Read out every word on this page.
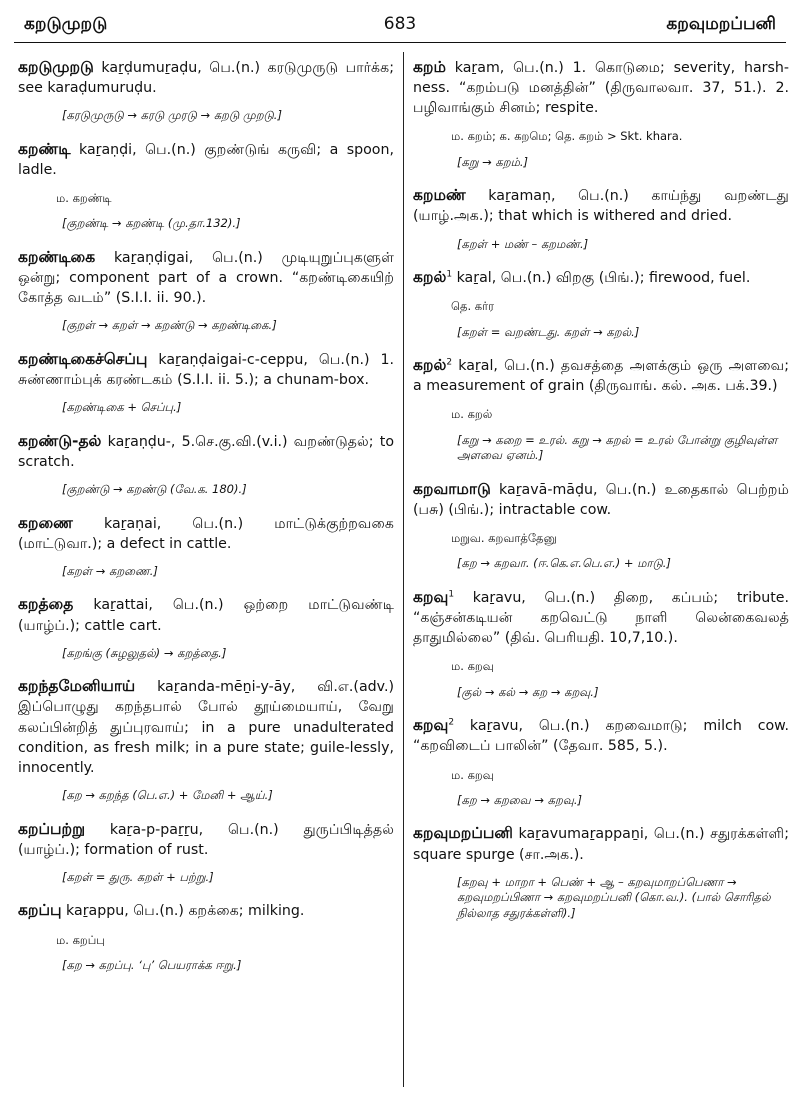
கறடுமுறடு	683	கறவுமறப்பனி

கறடுமுறடு kaṟḍumuṟaḍu, பெ.(n.) கரடுமுருடு பார்க்க; see karaḍumuruḍu.

[கரடுமுருடு → கரடு முரடு → கறடு முறடு.]

கறண்டி kaṟaṇḍi, பெ.(n.) குறண்டுங் கருவி; a spoon, ladle.

ம. கறண்டி
[குறண்டி → கறண்டி (மு.தா.132).]

கறண்டிகை kaṟaṇḍigai, பெ.(n.) முடியுறுப்புகளுள் ஒன்று; component part of a crown. “கறண்டிகையிற் கோத்த வடம்” (S.I.I. ii. 90.).

[குறள் → கறள் → கறண்டு → கறண்டிகை.]

கறண்டிகைச்செப்பு kaṟaṇḍaigai-c-ceppu, பெ.(n.) 1. சுண்ணாம்புக் கரண்டகம் (S.I.I. ii. 5.); a chunam-box.

[கறண்டிகை + செப்பு.]

கறண்டு-தல் kaṟaṇḍu-, 5.செ.கு.வி.(v.i.) வறண்டுதல்; to scratch.

[குறண்டு → கறண்டு (வே.க. 180).]

கறணை kaṟaṇai, பெ.(n.) மாட்டுக்குற்றவகை (மாட்டுவா.); a defect in cattle.

[கறள் → கறணை.]

கறத்தை kaṟattai, பெ.(n.) ஒற்றை மாட்டுவண்டி (யாழ்ப்.); cattle cart.

[கறங்கு (சுழலுதல்) → கறத்தை.]

கறந்தமேனியாய் kaṟanda-mēṉi-y-āy, வி.எ.(adv.) இப்பொழுது கறந்தபால் போல் தூய்மையாய், வேறு கலப்பின்றித் துப்புரவாய்; in a pure unadulterated condition, as fresh milk; in a pure state; guile-lessly, innocently.

[கற → கறந்த (பெ.எ.) + மேனி + ஆய்.]

கறப்பற்று kaṟa-p-paṟṟu, பெ.(n.) துருப்பிடித்தல் (யாழ்ப்.); formation of rust.

[கறள் = துரு. கறள் + பற்று.]

கறப்பு kaṟappu, பெ.(n.) கறக்கை; milking.

ம. கறப்பு
[கற → கறப்பு. ‘பு’ பெயராக்க ஈறு.]

கறம் kaṟam, பெ.(n.) 1. கொடுமை; severity, harsh-ness. “கறம்படு மனத்தின்” (திருவாலவா. 37, 51.). 2. பழிவாங்கும் சினம்; respite.

ம. கறம்; க. கறமெ; தெ. கறம் > Skt. khara.
[கறு → கறம்.]

கறமண் kaṟamaṇ, பெ.(n.) காய்ந்து வறண்டது (யாழ்.அக.); that which is withered and dried.

[கறள் + மண் – கறமண்.]

கறல்$^1$ kaṟal, பெ.(n.) விறகு (பிங்.); firewood, fuel.

தெ. கர்ர
[கறள் = வறண்டது. கறள் → கறல்.]

கறல்$^2$ kaṟal, பெ.(n.) தவசத்தை அளக்கும் ஒரு அளவை; a measurement of grain (திருவாங். கல். அக. பக்.39.)

ம. கறல்
[கறு → கறை = உரல். கறு → கறல் = உரல் போன்று குழிவுள்ள அளவை ஏனம்.]

கறவாமாடு kaṟavā-māḍu, பெ.(n.) உதைகால் பெற்றம் (பசு) (பிங்.); intractable cow.

மறுவ. கறவாத்தேனு
[கற → கறவா. (ஈ.கெ.எ.பெ.எ.) + மாடு.]

கறவு$^1$ kaṟavu, பெ.(n.) திறை, கப்பம்; tribute. “கஞ்சன்கடியன் கறவெட்டு நாளி லென்கைவலத் தாதுமில்லை” (திவ். பெரியதி. 10,7,10.).

ம. கறவு
[குல் → கல் → கற → கறவு.]

கறவு$^2$ kaṟavu, பெ.(n.) கறவைமாடு; milch cow. “கறவிடைப் பாலின்” (தேவா. 585, 5.).

ம. கறவு
[கற → கறவை → கறவு.]

கறவுமறப்பனி kaṟavumaṟappaṉi, பெ.(n.) சதுரக்கள்ளி; square spurge (சா.அக.).

[கறவு + மாறா + பெண் + ஆ – கறவுமாறப்பெணா → கறவுமறப்பிணா → கறவுமறப்பனி (கொ.வ.). (பால் சொரிதல் நில்லாத சதுரக்கள்ளி).]
